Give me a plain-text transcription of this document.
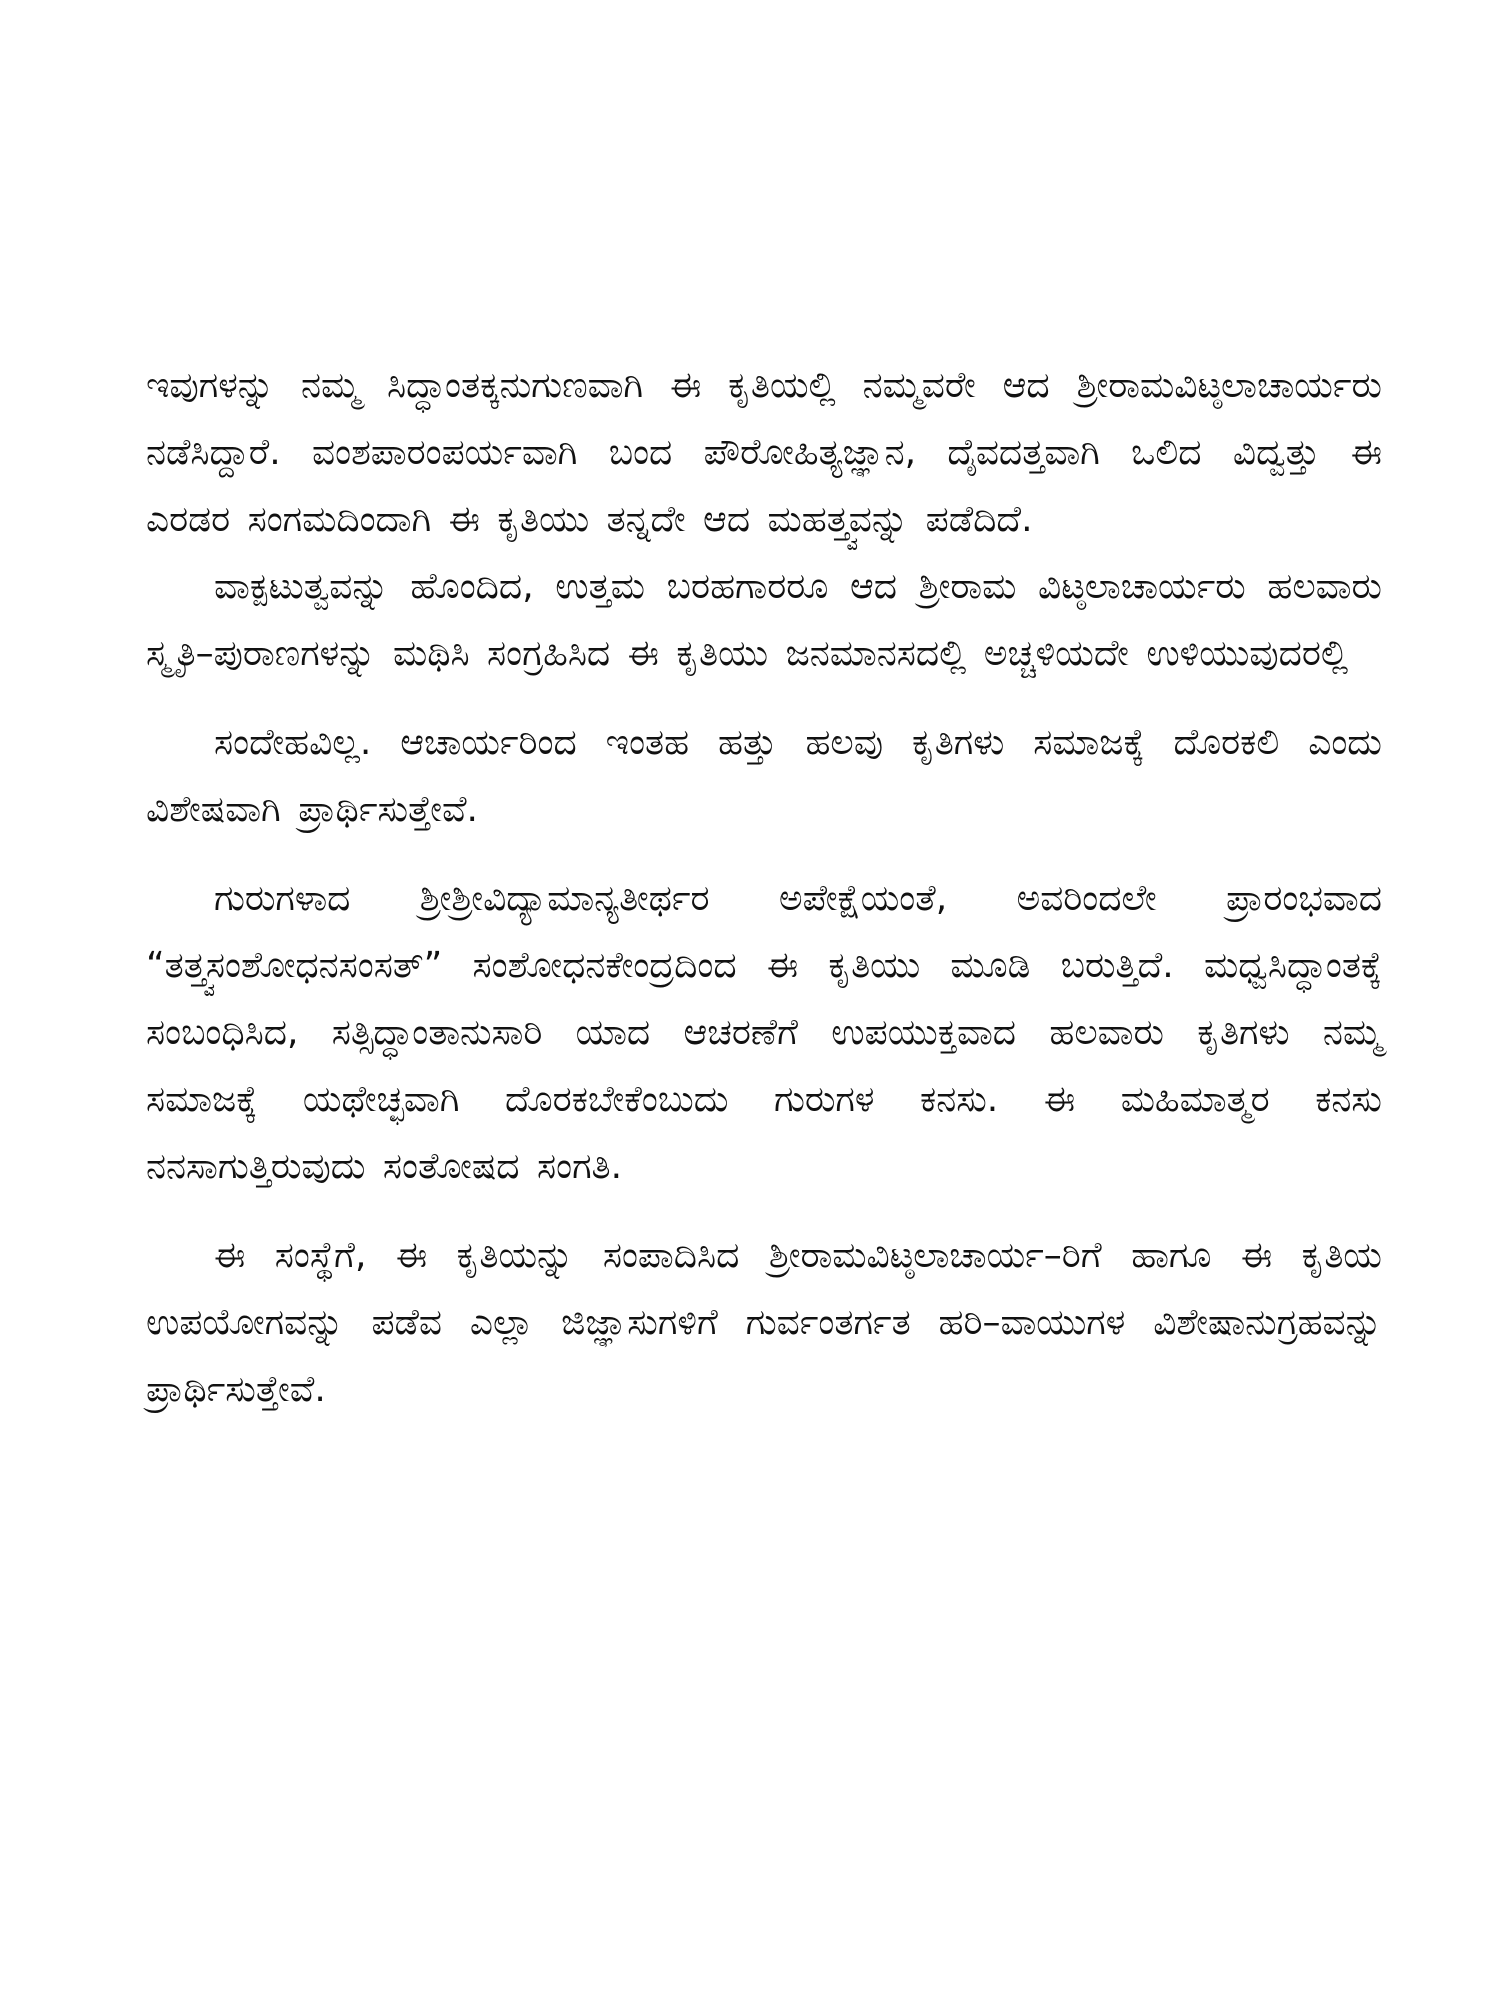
ಇವುಗಳನ್ನು ನಮ್ಮ ಸಿದ್ಧಾಂತಕ್ಕನುಗುಣವಾಗಿ ಈ ಕೃತಿಯಲ್ಲಿ ನಮ್ಮವರೇ ಆದ ಶ್ರೀರಾಮವಿಟ್ಠಲಾಚಾರ್ಯರು ನಡೆಸಿದ್ದಾರೆ. ವಂಶಪಾರಂಪರ್ಯವಾಗಿ ಬಂದ ಪೌರೋಹಿತ್ಯಜ್ಞಾನ, ದೈವದತ್ತವಾಗಿ ಒಲಿದ ವಿದ್ವತ್ತು ಈ ಎರಡರ ಸಂಗಮದಿಂದಾಗಿ ಈ ಕೃತಿಯು ತನ್ನದೇ ಆದ ಮಹತ್ತ್ವವನ್ನು ಪಡೆದಿದೆ.

ವಾಕ್ಪಟುತ್ವವನ್ನು ಹೊಂದಿದ, ಉತ್ತಮ ಬರಹಗಾರರೂ ಆದ ಶ್ರೀರಾಮ ವಿಟ್ಠಲಾಚಾರ್ಯರು ಹಲವಾರು ಸ್ಮೃತಿ–ಪುರಾಣಗಳನ್ನು ಮಥಿಸಿ ಸಂಗ್ರಹಿಸಿದ ಈ ಕೃತಿಯು ಜನಮಾನಸದಲ್ಲಿ ಅಚ್ಚಳಿಯದೇ ಉಳಿಯುವುದರಲ್ಲಿ

ಸಂದೇಹವಿಲ್ಲ. ಆಚಾರ್ಯರಿಂದ ಇಂತಹ ಹತ್ತು ಹಲವು ಕೃತಿಗಳು ಸಮಾಜಕ್ಕೆ ದೊರಕಲಿ ಎಂದು ವಿಶೇಷವಾಗಿ ಪ್ರಾರ್ಥಿಸುತ್ತೇವೆ.

ಗುರುಗಳಾದ ಶ್ರೀಶ್ರೀವಿದ್ಯಾಮಾನ್ಯತೀರ್ಥರ ಅಪೇಕ್ಷೆಯಂತೆ, ಅವರಿಂದಲೇ ಪ್ರಾರಂಭವಾದ “ತತ್ತ್ವಸಂಶೋಧನಸಂಸತ್” ಸಂಶೋಧನಕೇಂದ್ರದಿಂದ ಈ ಕೃತಿಯು ಮೂಡಿ ಬರುತ್ತಿದೆ. ಮಧ್ವಸಿದ್ಧಾಂತಕ್ಕೆ ಸಂಬಂಧಿಸಿದ, ಸತ್ಸಿದ್ಧಾಂತಾನುಸಾರಿ ಯಾದ ಆಚರಣೆಗೆ ಉಪಯುಕ್ತವಾದ ಹಲವಾರು ಕೃತಿಗಳು ನಮ್ಮ ಸಮಾಜಕ್ಕೆ ಯಥೇಚ್ಛವಾಗಿ ದೊರಕಬೇಕೆಂಬುದು ಗುರುಗಳ ಕನಸು. ಈ ಮಹಿಮಾತ್ಮರ ಕನಸು ನನಸಾಗುತ್ತಿರುವುದು ಸಂತೋಷದ ಸಂಗತಿ.

ಈ ಸಂಸ್ಥೆಗೆ, ಈ ಕೃತಿಯನ್ನು ಸಂಪಾದಿಸಿದ ಶ್ರೀರಾಮವಿಟ್ಠಲಾಚಾರ್ಯ–ರಿಗೆ ಹಾಗೂ ಈ ಕೃತಿಯ ಉಪಯೋಗವನ್ನು ಪಡೆವ ಎಲ್ಲಾ ಜಿಜ್ಞಾಸುಗಳಿಗೆ ಗುರ್ವಂತರ್ಗತ ಹರಿ–ವಾಯುಗಳ ವಿಶೇಷಾನುಗ್ರಹವನ್ನು ಪ್ರಾರ್ಥಿಸುತ್ತೇವೆ.
